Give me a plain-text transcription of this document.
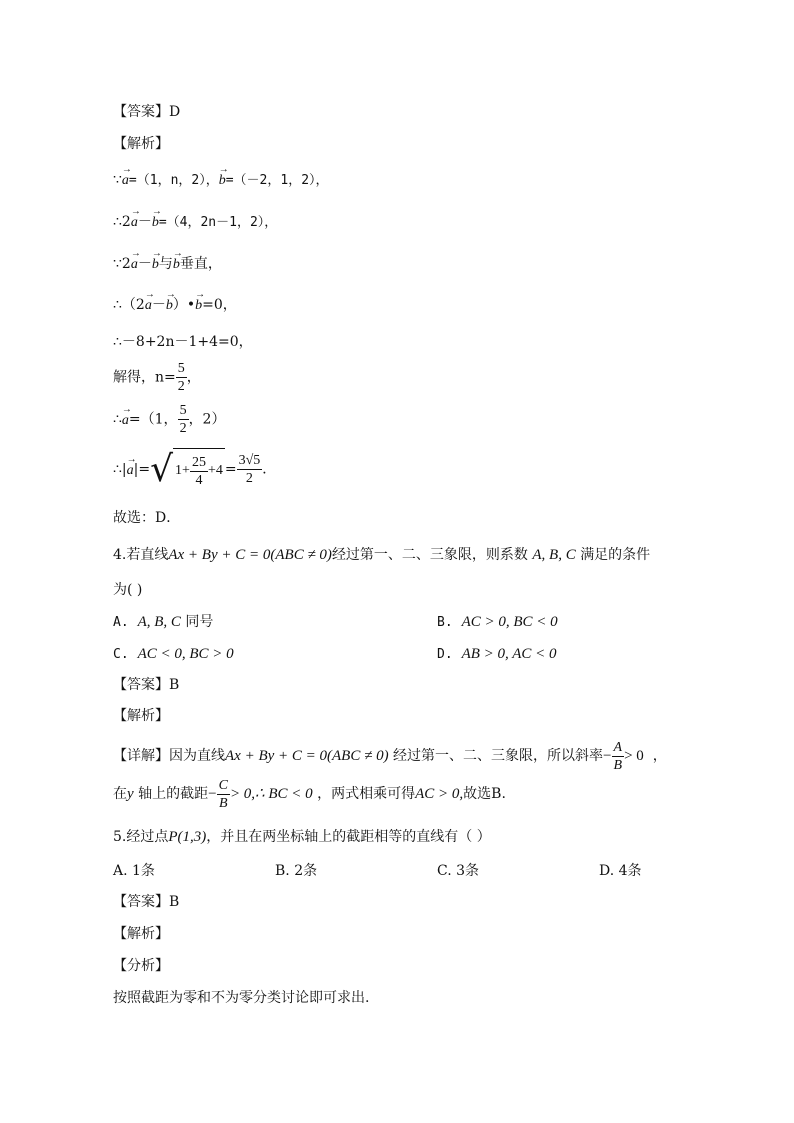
【答案】D
【解析】
∵→ a=（1，n，2），→ b=（－2，1，2），
∴2→ a－→ b=（4，2n－1，2），
∵2→ a－→ b与→ b垂直，
∴（2→ a－→ b）•→ b=0，
∴－8+2n－1+4=0，
解得，$n= \frac{5}{2}$ ，
∴→ a=（1， $\frac{5}{2}$ ，2）
∴|→ a|= √ $1+ \frac{25}{4} +4 = \frac{3√5}{2}$ ．
故选：D．
4.若直线Ax + By + C = 0(ABC ≠ 0)经过第一、二、三象限，则系数 A, B, C 满足的条件
为( )
A. A, B, C 同号	B. AC > 0, BC < 0
C. AC < 0, BC > 0	D. AB > 0, AC < 0
【答案】B
【解析】
【详解】因为直线Ax + By + C = 0(ABC ≠ 0) 经过第一、二、三象限，所以斜率− $\frac{A}{B} > 0$ ，
在y 轴上的截距− $\frac{C}{B}$ > 0,∴ BC < 0 ，两式相乘可得AC > 0,故选B.
5.经过点P(1,3)，并且在两坐标轴上的截距相等的直线有（ ）
A. 1条	B. 2条	C. 3条	D. 4条
【答案】B
【解析】
【分析】
按照截距为零和不为零分类讨论即可求出.
